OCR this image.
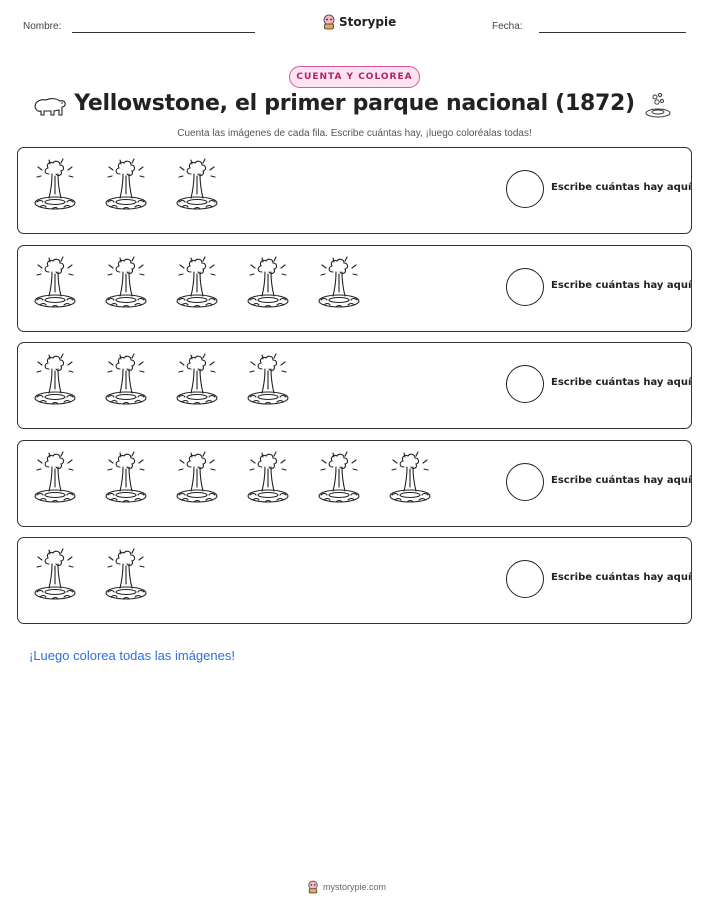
Nombre:	Storypie	Fecha:
CUENTA Y COLOREA
Yellowstone, el primer parque nacional (1872)
Cuenta las imágenes de cada fila. Escribe cuántas hay, ¡luego coloréalas todas!
Escribe cuántas hay aquí
Escribe cuántas hay aquí
Escribe cuántas hay aquí
Escribe cuántas hay aquí
Escribe cuántas hay aquí
¡Luego colorea todas las imágenes!
mystorypie.com
